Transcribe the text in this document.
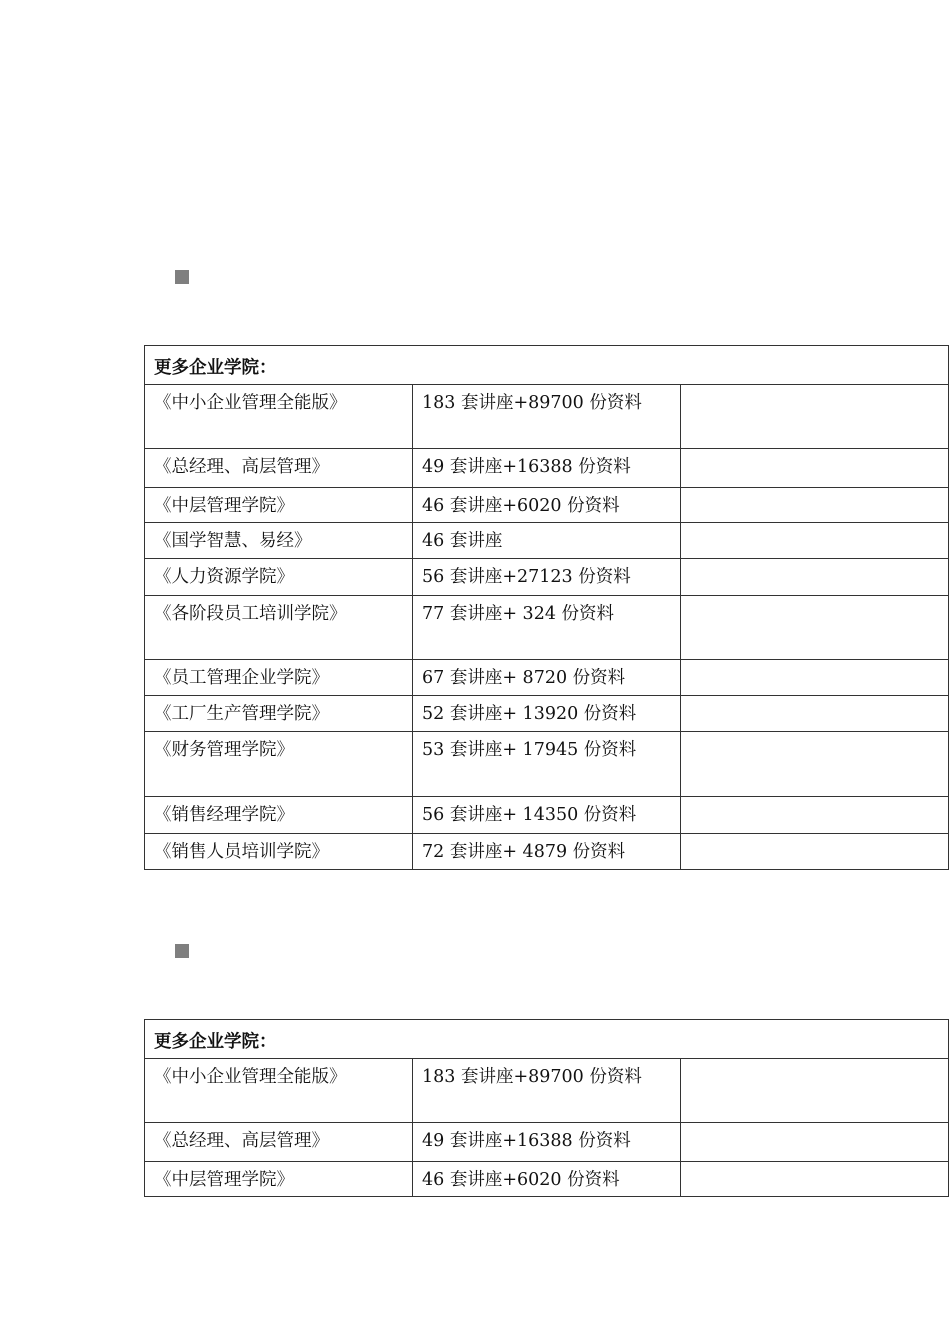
更多企业学院：		
《中小企业管理全能版》	183 套讲座+89700 份资料	
《总经理、高层管理》	49 套讲座+16388 份资料	
《中层管理学院》	46 套讲座+6020 份资料	
《国学智慧、易经》	46 套讲座	
《人力资源学院》	56 套讲座+27123 份资料	
《各阶段员工培训学院》	77 套讲座+ 324 份资料	
《员工管理企业学院》	67 套讲座+ 8720 份资料	
《工厂生产管理学院》	52 套讲座+ 13920 份资料	
《财务管理学院》	53 套讲座+ 17945 份资料	
《销售经理学院》	56 套讲座+ 14350 份资料	
《销售人员培训学院》	72 套讲座+ 4879 份资料	
更多企业学院：		
《中小企业管理全能版》	183 套讲座+89700 份资料	
《总经理、高层管理》	49 套讲座+16388 份资料	
《中层管理学院》	46 套讲座+6020 份资料	
